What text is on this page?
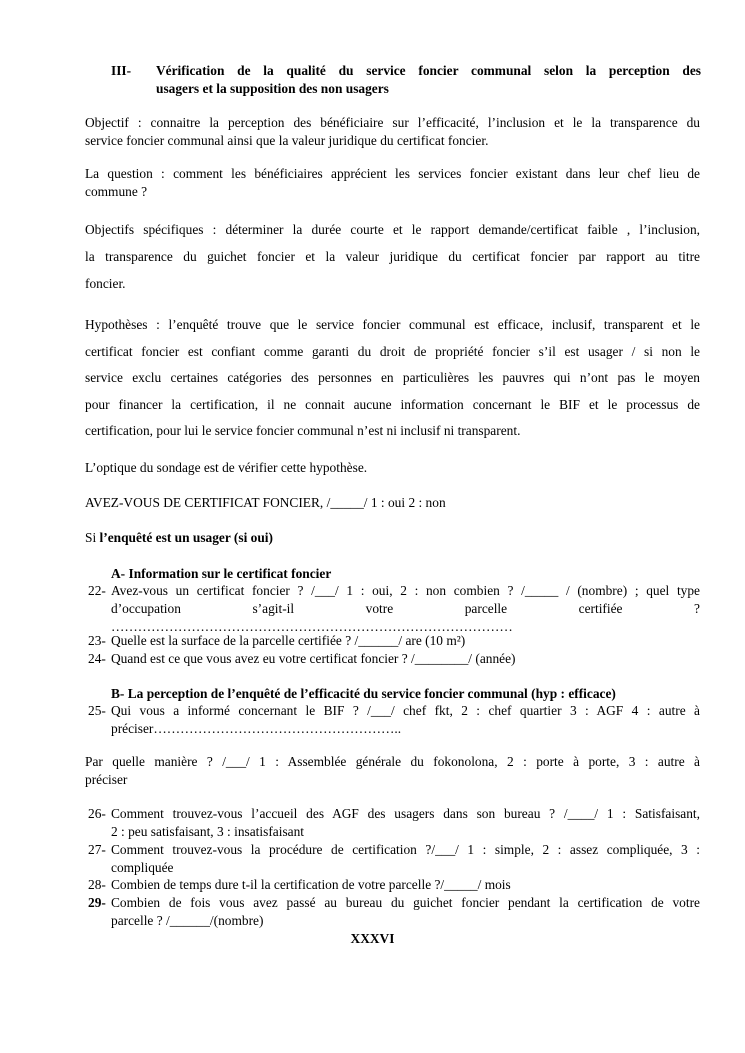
III- Vérification de la qualité du service foncier communal selon la perception des
usagers et la supposition des non usagers
Objectif : connaitre la perception des bénéficiaire sur l’efficacité, l’inclusion et le la transparence du
service foncier communal ainsi que la valeur juridique du certificat foncier.
La question : comment les bénéficiaires apprécient les services foncier existant dans leur chef lieu de
commune ?
Objectifs spécifiques : déterminer la durée courte et le rapport demande/certificat faible , l’inclusion,
la transparence du guichet foncier et la valeur juridique du certificat foncier par rapport au titre
foncier.
Hypothèses : l’enquêté trouve que le service foncier communal est efficace, inclusif, transparent et le
certificat foncier est confiant comme garanti du droit de propriété foncier s’il est usager / si non le
service exclu certaines catégories des personnes en particulières les pauvres qui n’ont pas le moyen
pour financer la certification, il ne connait aucune information concernant le BIF et le processus de
certification, pour lui le service foncier communal n’est ni inclusif ni transparent.
L’optique du sondage est de vérifier cette hypothèse.
AVEZ-VOUS DE CERTIFICAT FONCIER, /_____/ 1 : oui 2 : non
Si l’enquêté est un usager (si oui)
A- Information sur le certificat foncier
22- Avez-vous un certificat foncier ? /___/ 1 : oui, 2 : non combien ? /_____ / (nombre) ; quel type
d’occupation s’agit-il votre parcelle certifiée ?
………………………………………………………………………………
23- Quelle est la surface de la parcelle certifiée ? /______/ are (10 m²)
24- Quand est ce que vous avez eu votre certificat foncier ? /________/ (année)
B- La perception de l’enquêté de l’efficacité du service foncier communal (hyp : efficace)
25- Qui vous a informé concernant le BIF ? /___/ chef fkt, 2 : chef quartier 3 : AGF 4 : autre à
préciser………………………………………………..
Par quelle manière ? /___/ 1 : Assemblée générale du fokonolona, 2 : porte à porte, 3 : autre à
préciser
26- Comment trouvez-vous l’accueil des AGF des usagers dans son bureau ? /____/ 1 : Satisfaisant,
2 : peu satisfaisant, 3 : insatisfaisant
27- Comment trouvez-vous la procédure de certification ?/___/ 1 : simple, 2 : assez compliquée, 3 :
compliquée
28- Combien de temps dure t-il la certification de votre parcelle ?/_____/ mois
29- Combien de fois vous avez passé au bureau du guichet foncier pendant la certification de votre
parcelle ? /______/(nombre)
XXXVI
